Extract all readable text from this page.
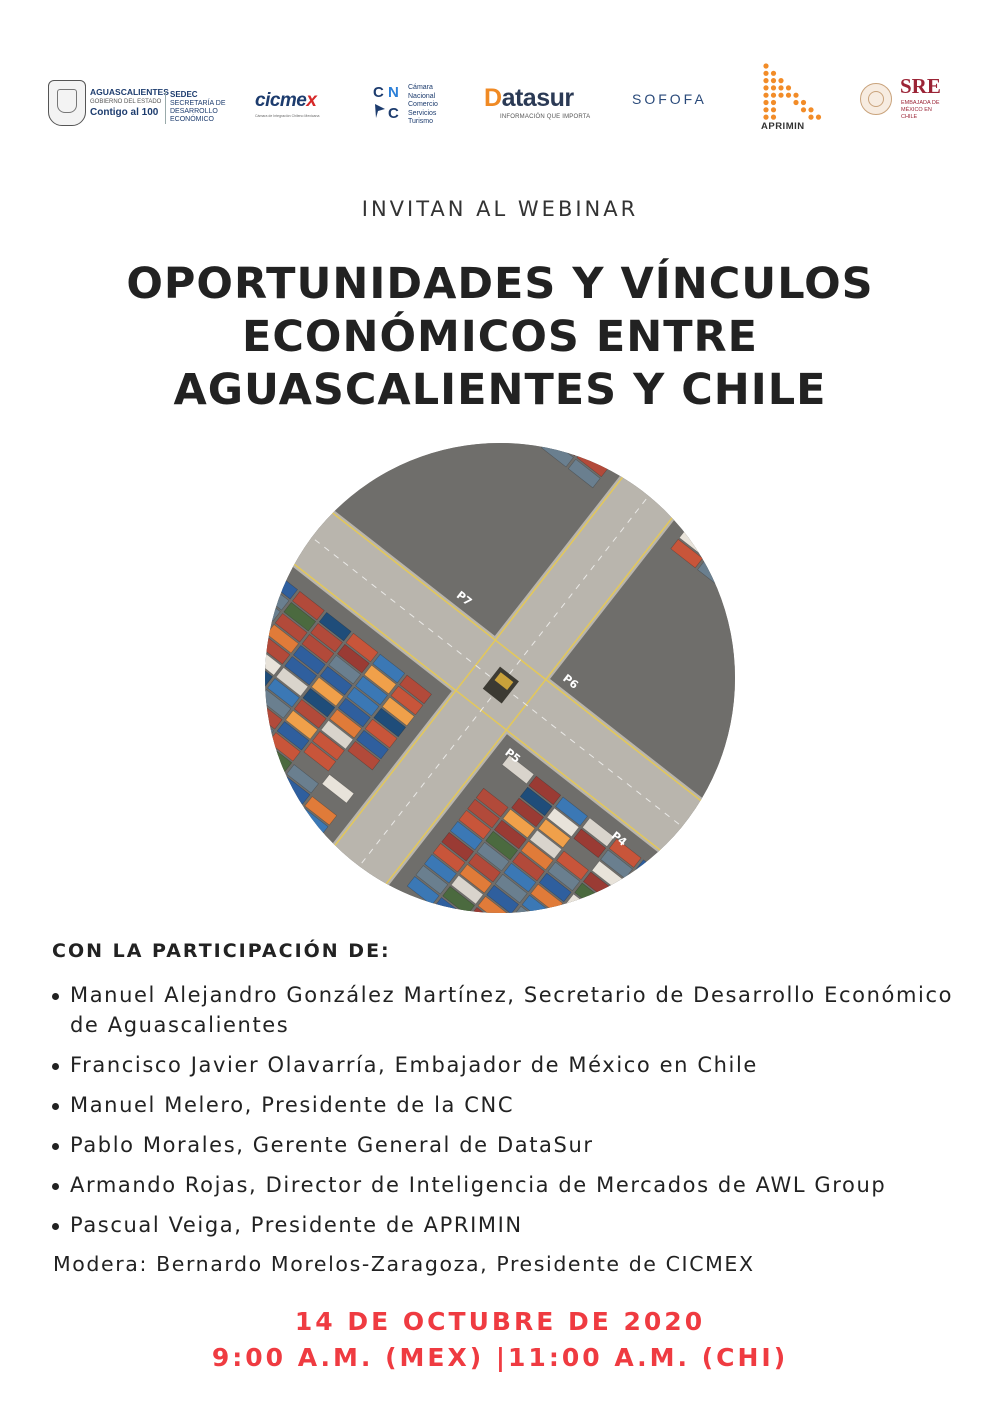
AGUASCALIENTES
GOBIERNO DEL ESTADO
Contigo al 100
SEDEC
SECRETARÍA DE
DESARROLLO ECONÓMICO
cicmex
Cámara de Integración Chileno Mexicana
C N
C
Cámara
Nacional
Comercio
Servicios
Turismo
Datasur
INFORMACIÓN QUE IMPORTA
SOFOFA
APRIMIN
SRE
EMBAJADA DE
MÉXICO EN
CHILE
INVITAN AL WEBINAR
OPORTUNIDADES Y VÍNCULOS
ECONÓMICOS ENTRE
AGUASCALIENTES Y CHILE
P7
P6
P5
P4
CON LA PARTICIPACIÓN DE:
Manuel Alejandro González Martínez, Secretario de Desarrollo Económico de Aguascalientes
Francisco Javier Olavarría, Embajador de México en Chile
Manuel Melero, Presidente de la CNC
Pablo Morales, Gerente General de DataSur
Armando Rojas, Director de Inteligencia de Mercados de AWL Group
Pascual Veiga, Presidente de APRIMIN
Modera: Bernardo Morelos-Zaragoza, Presidente de CICMEX
14 DE OCTUBRE DE 2020
9:00 A.M. (MEX) |11:00 A.M. (CHI)
